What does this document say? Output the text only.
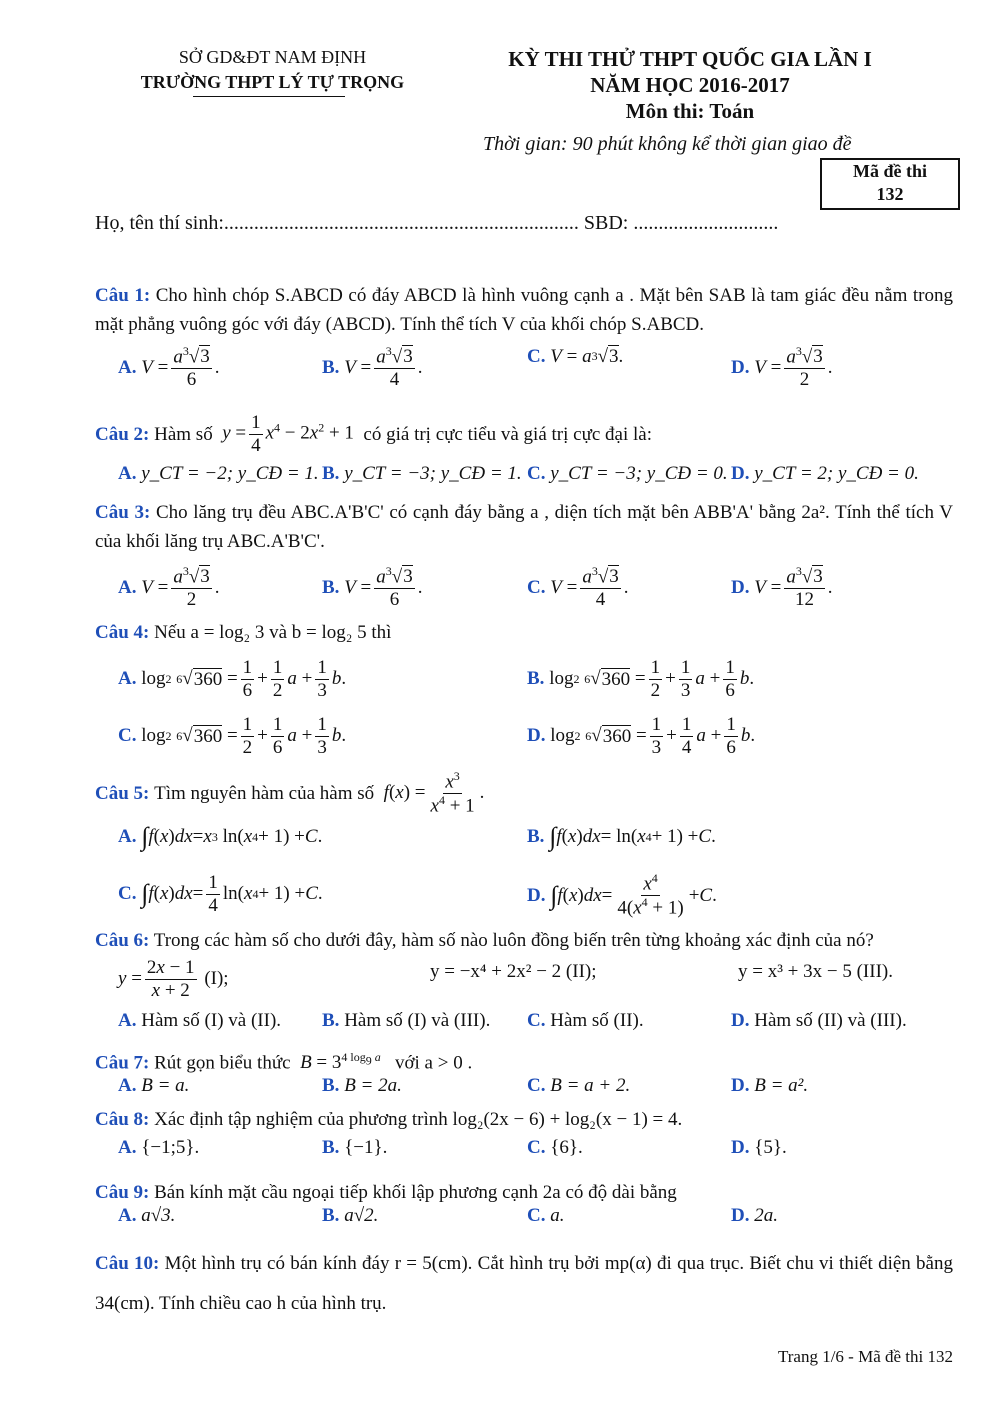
SỞ GD&ĐT NAM ĐỊNH
TRƯỜNG THPT LÝ TỰ TRỌNG
KỲ THI THỬ THPT QUỐC GIA LẦN I
NĂM HỌC 2016-2017
Môn thi: Toán
Thời gian: 90 phút không kể thời gian giao đề
Mã đề thi
132
Họ, tên thí sinh:....................................................................... SBD: .............................
Câu 1: Cho hình chóp S.ABCD có đáy ABCD là hình vuông cạnh a . Mặt bên SAB là tam giác đều nằm trong mặt phẳng vuông góc với đáy (ABCD). Tính thể tích V của khối chóp S.ABCD.
A.
$V = \frac{a^3√3}{6}$ .	B.
$V = \frac{a^3√3}{4}$ .
C.
V = a 3 √ 3 .
D.
$V = \frac{a^3√3}{2}$ .
Câu 2:
Hàm số
$y = \frac{1}{4} x^4 - 2x^2 + 1$
có giá trị cực tiểu và giá trị cực đại là:
A.
y_CT = −2; y_CĐ = 1. B.
y_CT = −3; y_CĐ = 1. C.
y_CT = −3; y_CĐ = 0. D.
y_CT = 2; y_CĐ = 0.
Câu 3: Cho lăng trụ đều ABC.A'B'C' có cạnh đáy bằng a , diện tích mặt bên ABB'A' bằng 2a². Tính thể tích V của khối lăng trụ ABC.A'B'C'.
A.
$V = \frac{a^3√3}{2}$ .	B.
$V = \frac{a^3√3}{6}$ .	C.
$V = \frac{a^3√3}{4}$ .	D.
$V = \frac{a^3√3}{12}$ .
Câu 4: Nếu a = log₂ 3 và b = log₂ 5 thì
A. log 2
6 √ $360 = \frac{1}{6} + \frac{1}{2}$ $a + \frac{1}{3}$ b .	B. log 2
6 √ $360 = \frac{1}{2} + \frac{1}{3}$ $a + \frac{1}{6}$ b .
C. log 2
6 √ $360 = \frac{1}{2} + \frac{1}{6}$ $a + \frac{1}{3}$ b .	D. log 2
6 √ $360 = \frac{1}{3} + \frac{1}{4}$ $a + \frac{1}{6}$ b .
Câu 5:
Tìm nguyên hàm của hàm số
$f(x) = \frac{x^3}{x^4 + 1}$ .
A.
∫ f ( x ) dx = x 3 ln( x 4 + 1) + C .	B.
∫ f ( x ) dx = ln( x 4 + 1) + C .
C.
∫ f ( x ) dx = $\frac{1}{4} \ln$( x 4 + 1) + C .	D.
∫ f ( x ) dx = $\frac{x^4}{4(x^4 + 1)} + C$ .
Câu 6: Trong các hàm số cho dưới đây, hàm số nào luôn đồng biến trên từng khoảng xác định của nó?
$y = \frac{2x - 1}{x + 2} (I)$;	y = −x⁴ + 2x² − 2 (II);	y = x³ + 3x − 5 (III).
A.
Hàm số (I) và (II). B.
Hàm số (I) và (III). C.
Hàm số (II).	D.
Hàm số (II) và (III).
Câu 7: Rút gọn biểu thức $B = 3^{4 log_9 a}$ với a > 0 .
A.
B = a.	B.
B = 2a.	C.
B = a + 2.	D.
B = a².
Câu 8: Xác định tập nghiệm của phương trình log₂(2x − 6) + log₂(x − 1) = 4.
A.
{−1;5}.	B.
{−1}.	C.
{6}.	D.
{5}.
Câu 9: Bán kính mặt cầu ngoại tiếp khối lập phương cạnh 2a có độ dài bằng
A.
a√3.	B.
a√2.	C.
a.	D.
2a.
Câu 10: Một hình trụ có bán kính đáy r = 5(cm). Cắt hình trụ bởi mp(α) đi qua trục. Biết chu vi thiết diện bằng 34(cm). Tính chiều cao h của hình trụ.
Trang 1/6 - Mã đề thi 132
